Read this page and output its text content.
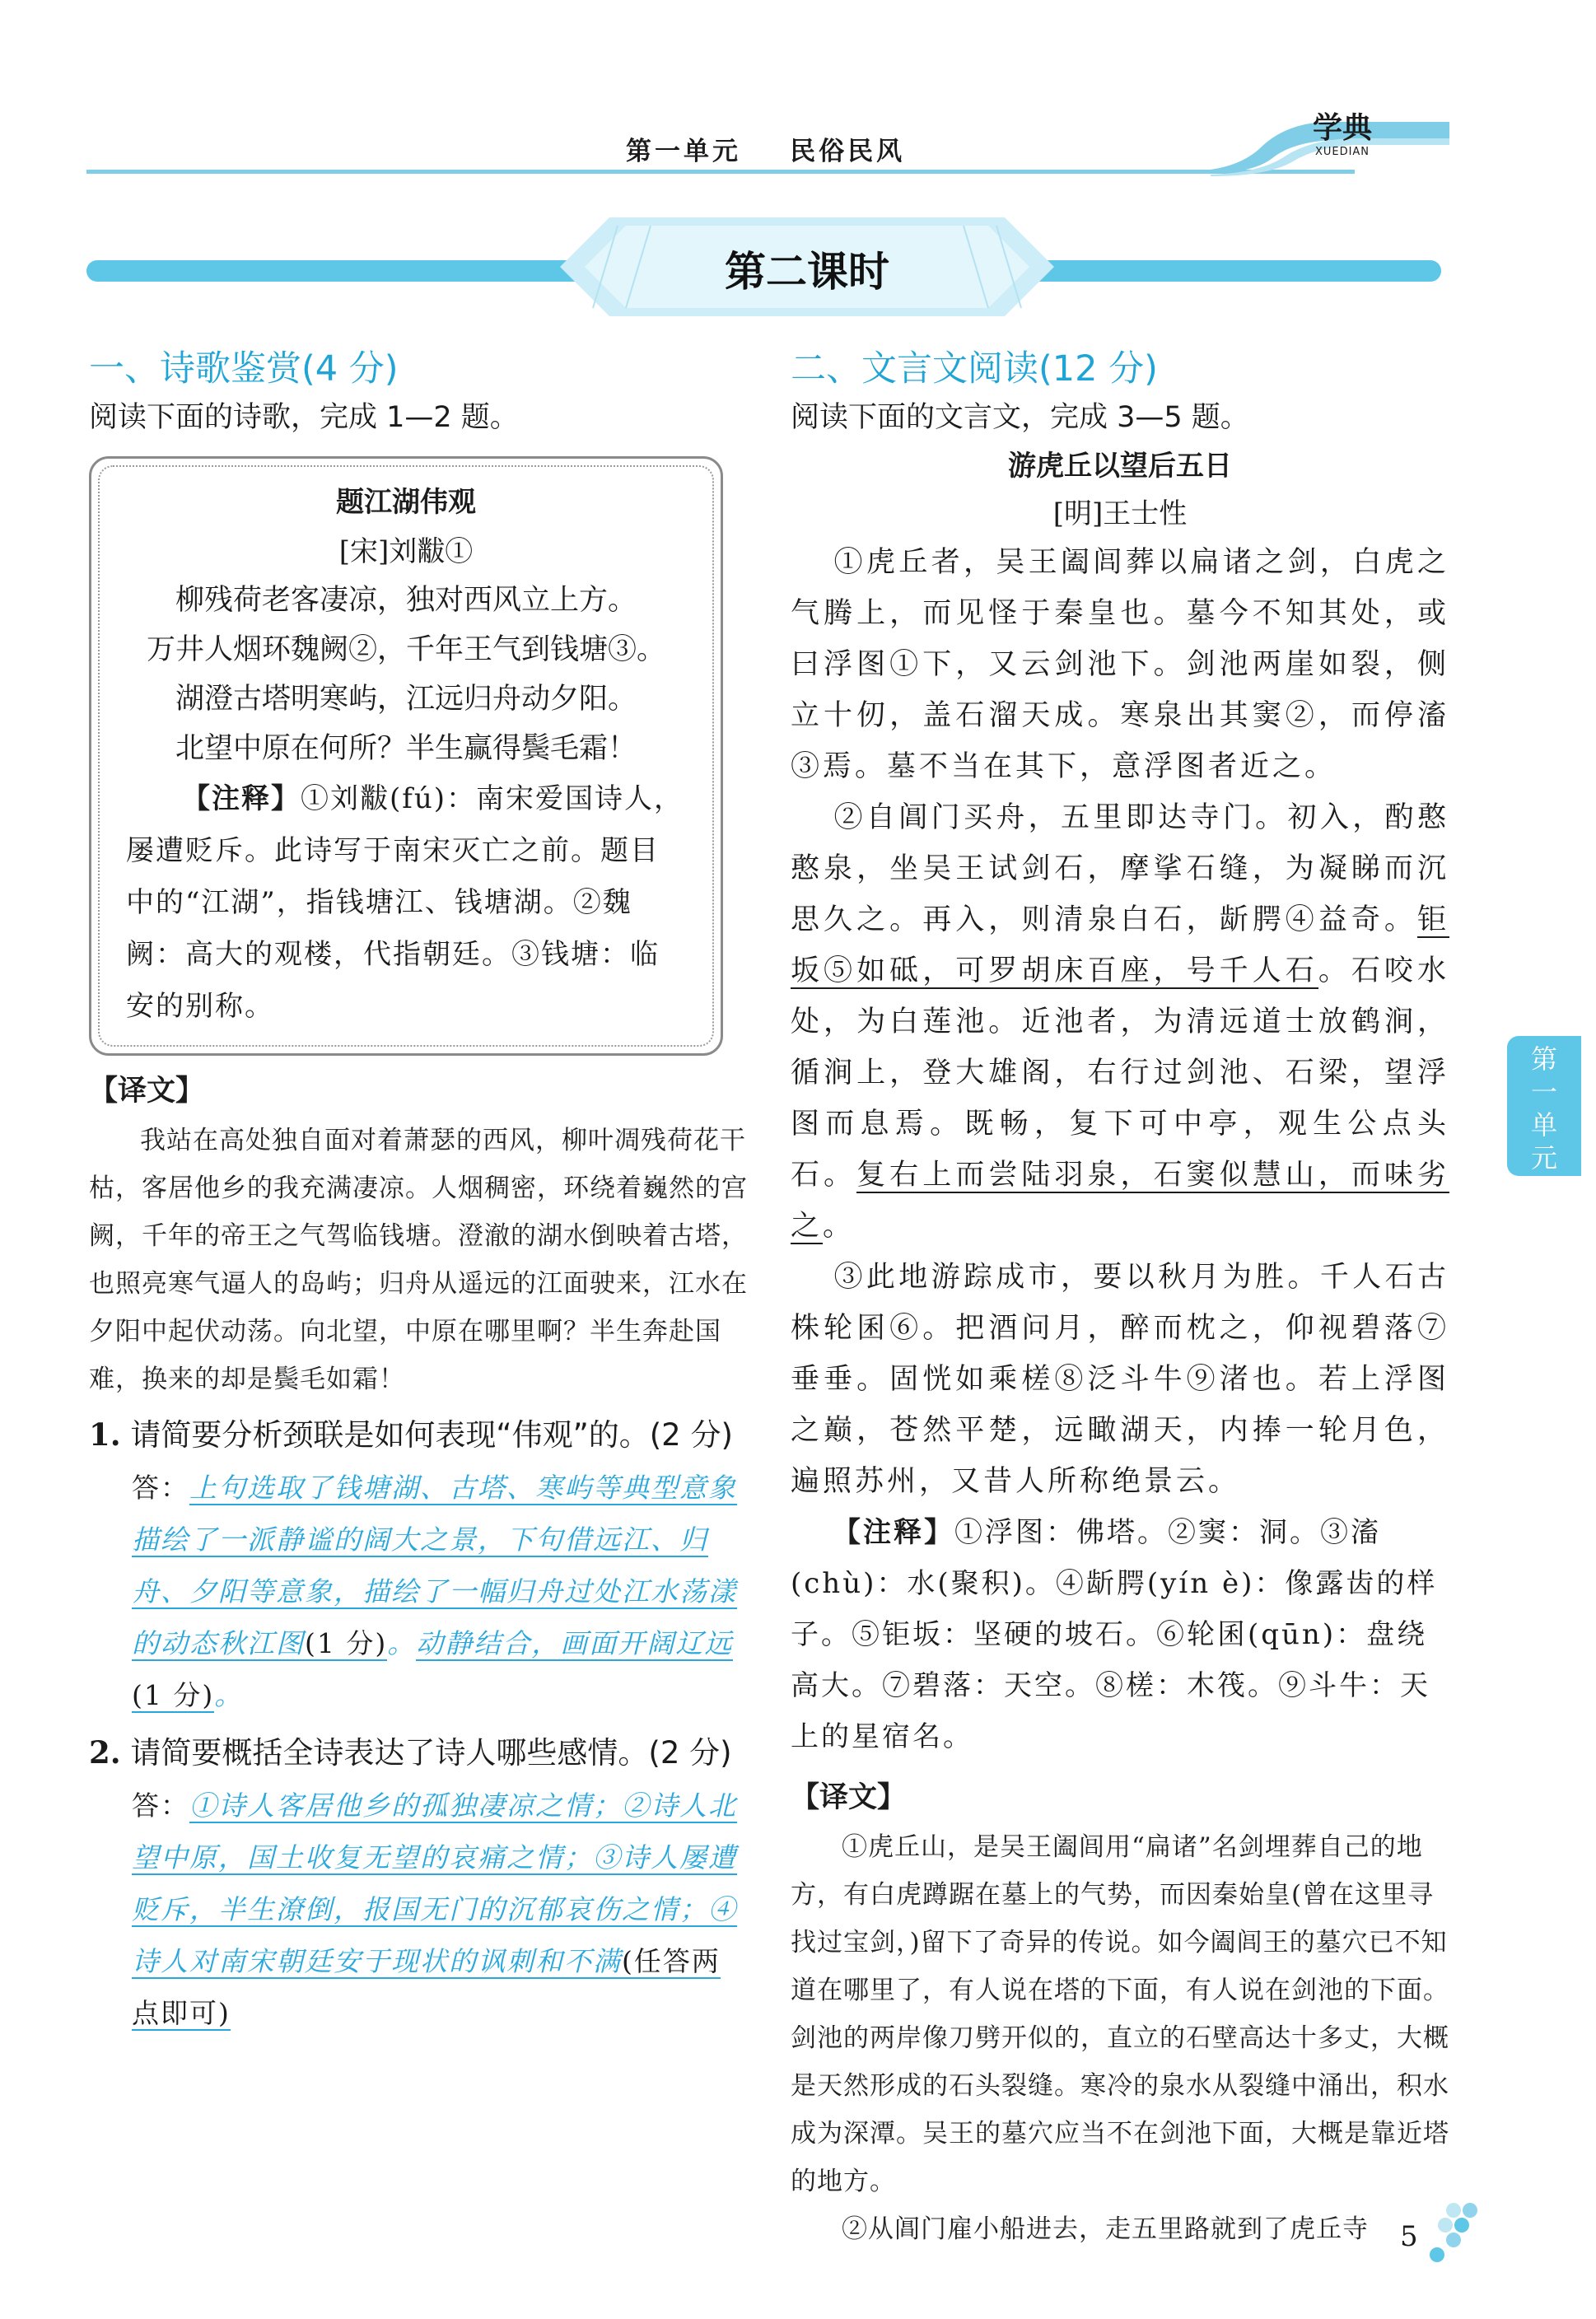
第一单元    民俗民风
学典
XUEDIAN
第二课时
一、诗歌鉴赏(4 分)
阅读下面的诗歌，完成 1—2 题。
题江湖伟观
[宋]刘黻①
柳残荷老客凄凉，独对西风立上方。
万井人烟环魏阙②，千年王气到钱塘③。
湖澄古塔明寒屿，江远归舟动夕阳。
北望中原在何所？半生赢得鬓毛霜！
【注释】①刘黻(fú)：南宋爱国诗人，屡遭贬斥。此诗写于南宋灭亡之前。题目中的“江湖”，指钱塘江、钱塘湖。②魏阙：高大的观楼，代指朝廷。③钱塘：临安的别称。
【译文】
我站在高处独自面对着萧瑟的西风，柳叶凋残荷花干枯，客居他乡的我充满凄凉。人烟稠密，环绕着巍然的宫阙，千年的帝王之气驾临钱塘。澄澈的湖水倒映着古塔，也照亮寒气逼人的岛屿；归舟从遥远的江面驶来，江水在夕阳中起伏动荡。向北望，中原在哪里啊？半生奔赴国难，换来的却是鬓毛如霜！
1. 请简要分析颈联是如何表现“伟观”的。(2 分)
答：上句选取了钱塘湖、古塔、寒屿等典型意象描绘了一派静谧的阔大之景，下句借远江、归舟、夕阳等意象，描绘了一幅归舟过处江水荡漾的动态秋江图(1 分)。动静结合，画面开阔辽远(1 分)。
2. 请简要概括全诗表达了诗人哪些感情。(2 分)
答：①诗人客居他乡的孤独凄凉之情；②诗人北望中原，国土收复无望的哀痛之情；③诗人屡遭贬斥，半生潦倒，报国无门的沉郁哀伤之情；④诗人对南宋朝廷安于现状的讽刺和不满(任答两点即可)
二、文言文阅读(12 分)
阅读下面的文言文，完成 3—5 题。
游虎丘以望后五日
[明]王士性
①虎丘者，吴王阖闾葬以扁诸之剑，白虎之气腾上，而见怪于秦皇也。墓今不知其处，或曰浮图①下，又云剑池下。剑池两崖如裂，侧立十仞，盖石溜天成。寒泉出其窦②，而停滀③焉。墓不当在其下，意浮图者近之。
②自阊门买舟，五里即达寺门。初入，酌憨憨泉，坐吴王试剑石，摩挲石缝，为凝睇而沉思久之。再入，则清泉白石，龂腭④益奇。钜坂⑤如砥，可罗胡床百座，号千人石。石咬水处，为白莲池。近池者，为清远道士放鹤涧，循涧上，登大雄阁，右行过剑池、石梁，望浮图而息焉。既畅，复下可中亭，观生公点头石。复右上而尝陆羽泉，石窦似慧山，而味劣之。
③此地游踪成市，要以秋月为胜。千人石古株轮囷⑥。把酒问月，醉而枕之，仰视碧落⑦垂垂。固恍如乘槎⑧泛斗牛⑨渚也。若上浮图之巅，苍然平楚，远瞰湖天，内捧一轮月色，遍照苏州，又昔人所称绝景云。
【注释】①浮图：佛塔。②窦：洞。③滀(chù)：水(聚积)。④龂腭(yín è)：像露齿的样子。⑤钜坂：坚硬的坡石。⑥轮囷(qūn)：盘绕高大。⑦碧落：天空。⑧槎：木筏。⑨斗牛：天上的星宿名。
【译文】
①虎丘山，是吴王阖闾用“扁诸”名剑埋葬自己的地方，有白虎蹲踞在墓上的气势，而因秦始皇(曾在这里寻找过宝剑，)留下了奇异的传说。如今阖闾王的墓穴已不知道在哪里了，有人说在塔的下面，有人说在剑池的下面。剑池的两岸像刀劈开似的，直立的石壁高达十多丈，大概是天然形成的石头裂缝。寒冷的泉水从裂缝中涌出，积水成为深潭。吴王的墓穴应当不在剑池下面，大概是靠近塔的地方。
②从阊门雇小船进去，走五里路就到了虎丘寺
第
一
单
元
5
